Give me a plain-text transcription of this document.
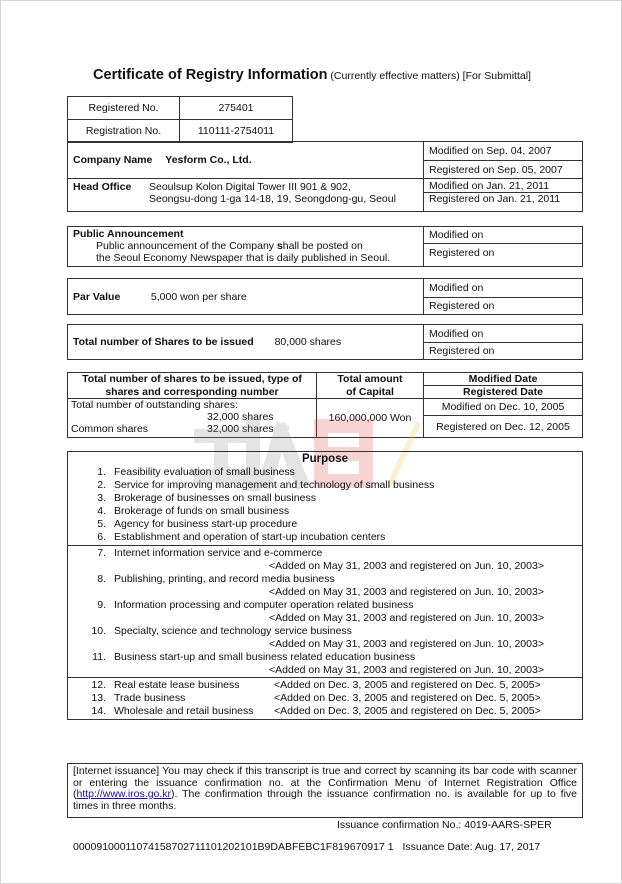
Certificate of Registry Information (Currently effective matters) [For Submittal]
Registered No.	275401
Registration No.	110111-2754011
Company Name Yesform Co., Ltd.	Modified on Sep. 04, 2007
	Registered on Sep. 05, 2007

Head Office Seoulsup Kolon Digital Tower III 901 & 902,
Seongsu-dong 1-ga 14-18, 19, Seongdong-gu, Seoul	Modified on Jan. 21, 2011
	Registered on Jan. 21, 2011
Public Announcement
Public announcement of the Company shall be posted on
the Seoul Economy Newspaper that is daily published in Seoul.
	Modified on
Registered on
Par Value	5,000 won per share	Modified on
Registered on
Total number of Shares to be issued 80,000 shares	Modified on
Registered on
Total number of shares to be issued, type of shares and corresponding number	Total amount of Capital	Modified Date
		Registered Date

Total number of outstanding shares:
32,000 shares
Common shares 32,000 shares	160,000,000 Won	Modified on Dec. 10, 2005
		Registered on Dec. 12, 2005
Purpose
1. Feasibility evaluation of small business
2. Service for improving management and technology of small business
3. Brokerage of businesses on small business
4. Brokerage of funds on small business
5. Agency for business start-up procedure
6. Establishment and operation of start-up incubation centers
7. Internet information service and e-commerce
<Added on May 31, 2003 and registered on Jun. 10, 2003>
8. Publishing, printing, and record media business
<Added on May 31, 2003 and registered on Jun. 10, 2003>
9. Information processing and computer operation related business
<Added on May 31, 2003 and registered on Jun. 10, 2003>
10. Specialty, science and technology service business
<Added on May 31, 2003 and registered on Jun. 10, 2003>
11. Business start-up and small business related education business
<Added on May 31, 2003 and registered on Jun. 10, 2003>
12. Real estate lease business	<Added on Dec. 3, 2005 and registered on Dec. 5, 2005>
13. Trade business	<Added on Dec. 3, 2005 and registered on Dec. 5, 2005>
14. Wholesale and retail business <Added on Dec. 3, 2005 and registered on Dec. 5, 2005>
[Internet issuance] You may check if this transcript is true and correct by scanning its bar code with scanner or entering the issuance confirmation no. at the Confirmation Menu of Internet Registration Office (http://www.iros.go.kr). The confirmation through the issuance confirmation no. is available for up to five times in three months.
Issuance confirmation No.: 4019-AARS-SPER
000091000110741587027111012021​01B9DABFEBC1F819670917 1 Issuance Date: Aug. 17, 2017
